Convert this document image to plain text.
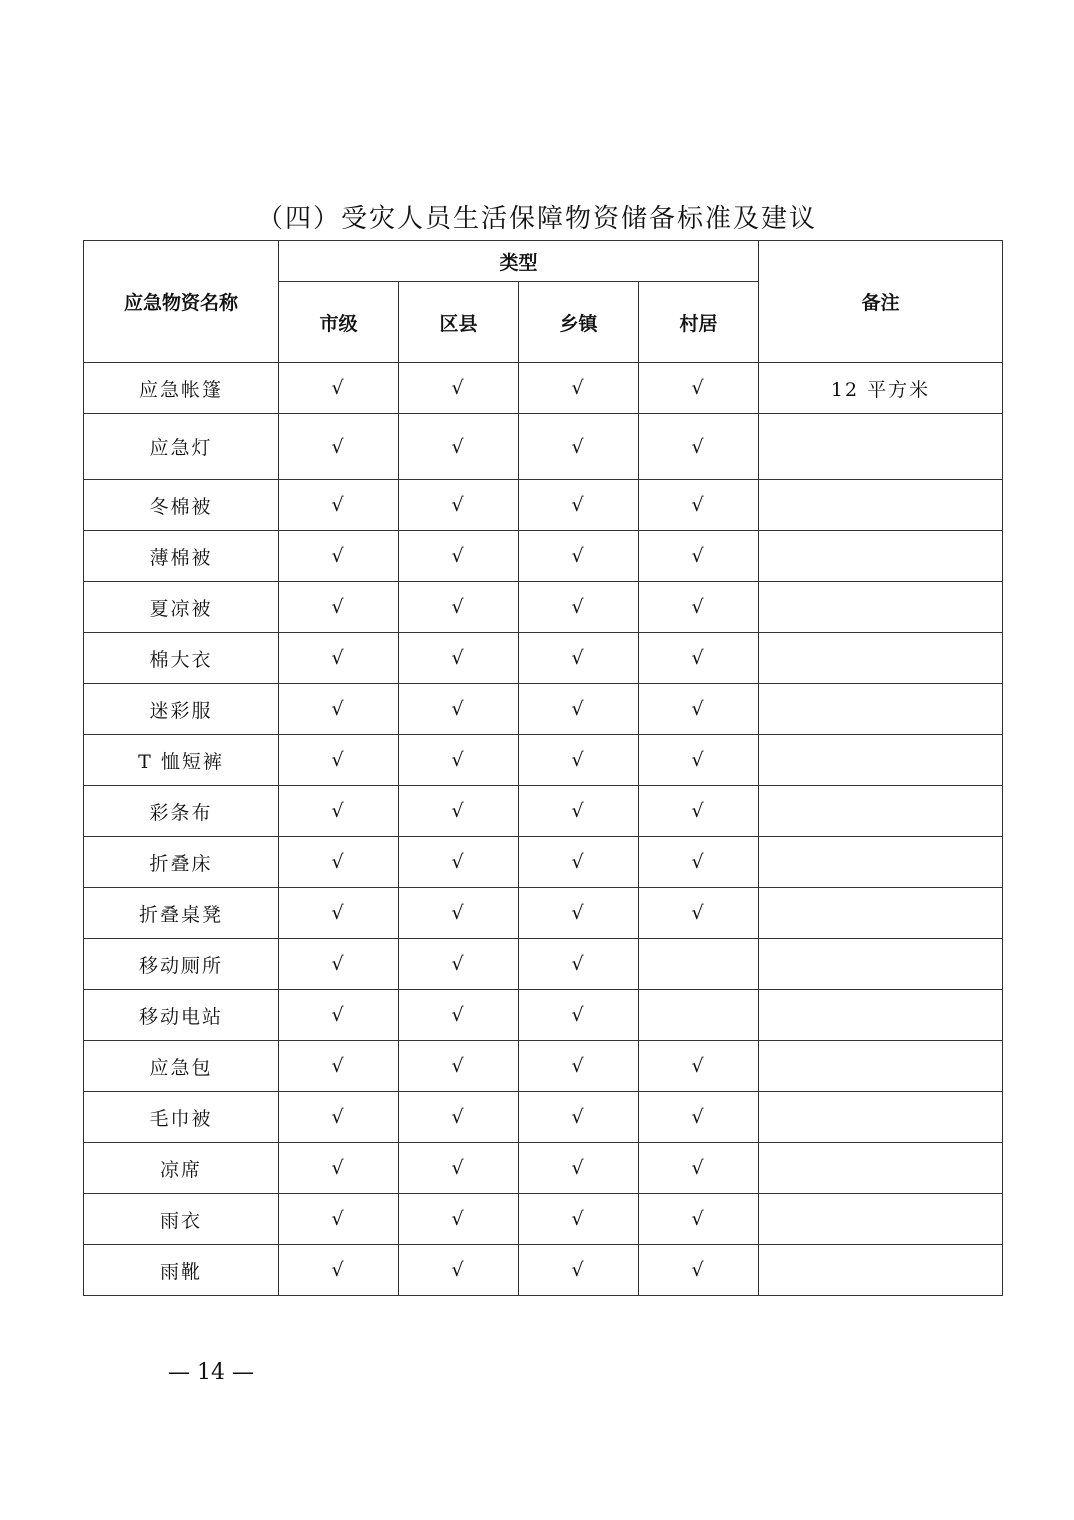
（四）受灾人员生活保障物资储备标准及建议
应急物资名称	类型				备注
	市级	区县	乡镇	村居	
应急帐篷	√	√	√	√	12 平方米
应急灯	√	√	√	√	
冬棉被	√	√	√	√	
薄棉被	√	√	√	√	
夏凉被	√	√	√	√	
棉大衣	√	√	√	√	
迷彩服	√	√	√	√	
T 恤短裤	√	√	√	√	
彩条布	√	√	√	√	
折叠床	√	√	√	√	
折叠桌凳	√	√	√	√	
移动厕所	√	√	√		
移动电站	√	√	√		
应急包	√	√	√	√	
毛巾被	√	√	√	√	
凉席	√	√	√	√	
雨衣	√	√	√	√	
雨靴	√	√	√	√	
— 14 —
